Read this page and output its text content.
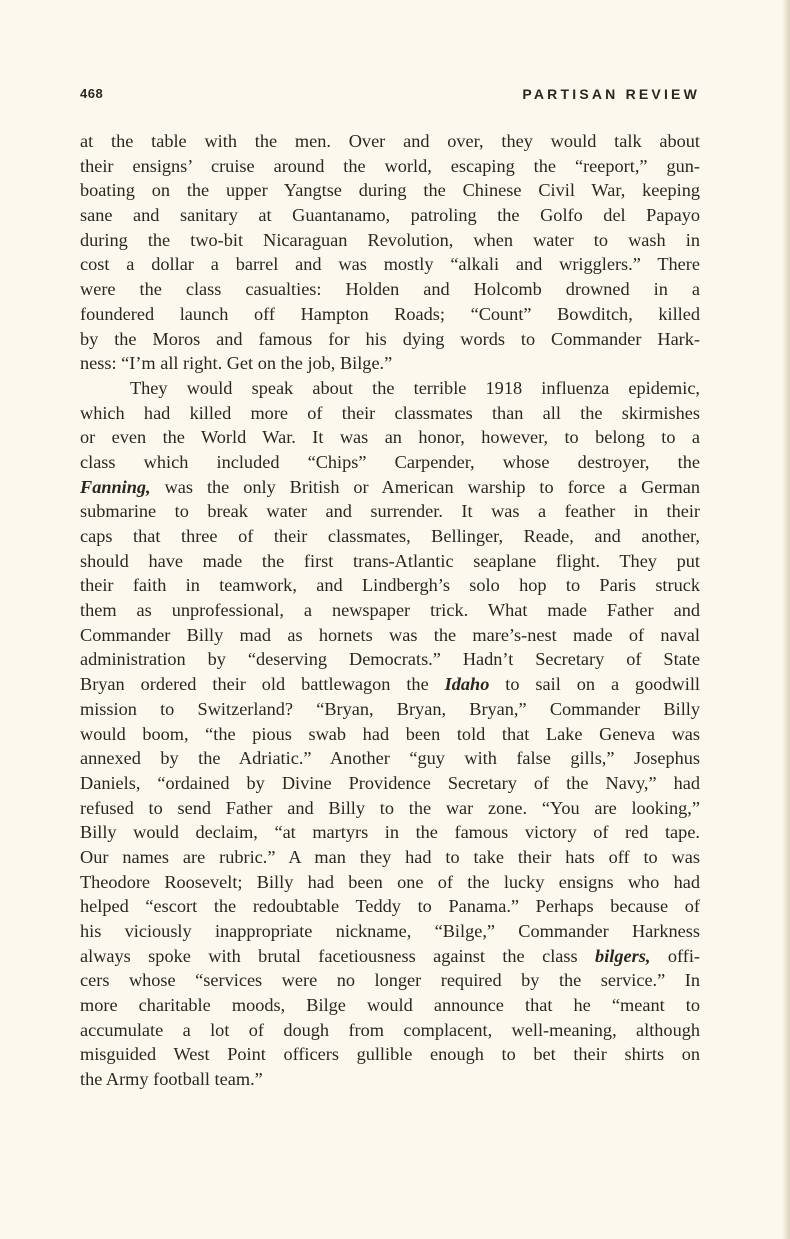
468	PARTISAN REVIEW
at the table with the men. Over and over, they would talk about
their ensigns’ cruise around the world, escaping the “reeport,” gun-
boating on the upper Yangtse during the Chinese Civil War, keeping
sane and sanitary at Guantanamo, patroling the Golfo del Papayo
during the two-bit Nicaraguan Revolution, when water to wash in
cost a dollar a barrel and was mostly “alkali and wrigglers.” There
were the class casualties: Holden and Holcomb drowned in a
foundered launch off Hampton Roads; “Count” Bowditch, killed
by the Moros and famous for his dying words to Commander Hark-
ness: “I’m all right. Get on the job, Bilge.”
They would speak about the terrible 1918 influenza epidemic,
which had killed more of their classmates than all the skirmishes
or even the World War. It was an honor, however, to belong to a
class which included “Chips” Carpender, whose destroyer, the
Fanning, was the only British or American warship to force a German
submarine to break water and surrender. It was a feather in their
caps that three of their classmates, Bellinger, Reade, and another,
should have made the first trans-Atlantic seaplane flight. They put
their faith in teamwork, and Lindbergh’s solo hop to Paris struck
them as unprofessional, a newspaper trick. What made Father and
Commander Billy mad as hornets was the mare’s-nest made of naval
administration by “deserving Democrats.” Hadn’t Secretary of State
Bryan ordered their old battlewagon the Idaho to sail on a goodwill
mission to Switzerland? “Bryan, Bryan, Bryan,” Commander Billy
would boom, “the pious swab had been told that Lake Geneva was
annexed by the Adriatic.” Another “guy with false gills,” Josephus
Daniels, “ordained by Divine Providence Secretary of the Navy,” had
refused to send Father and Billy to the war zone. “You are looking,”
Billy would declaim, “at martyrs in the famous victory of red tape.
Our names are rubric.” A man they had to take their hats off to was
Theodore Roosevelt; Billy had been one of the lucky ensigns who had
helped “escort the redoubtable Teddy to Panama.” Perhaps because of
his viciously inappropriate nickname, “Bilge,” Commander Harkness
always spoke with brutal facetiousness against the class bilgers, offi-
cers whose “services were no longer required by the service.” In
more charitable moods, Bilge would announce that he “meant to
accumulate a lot of dough from complacent, well-meaning, although
misguided West Point officers gullible enough to bet their shirts on
the Army football team.”
